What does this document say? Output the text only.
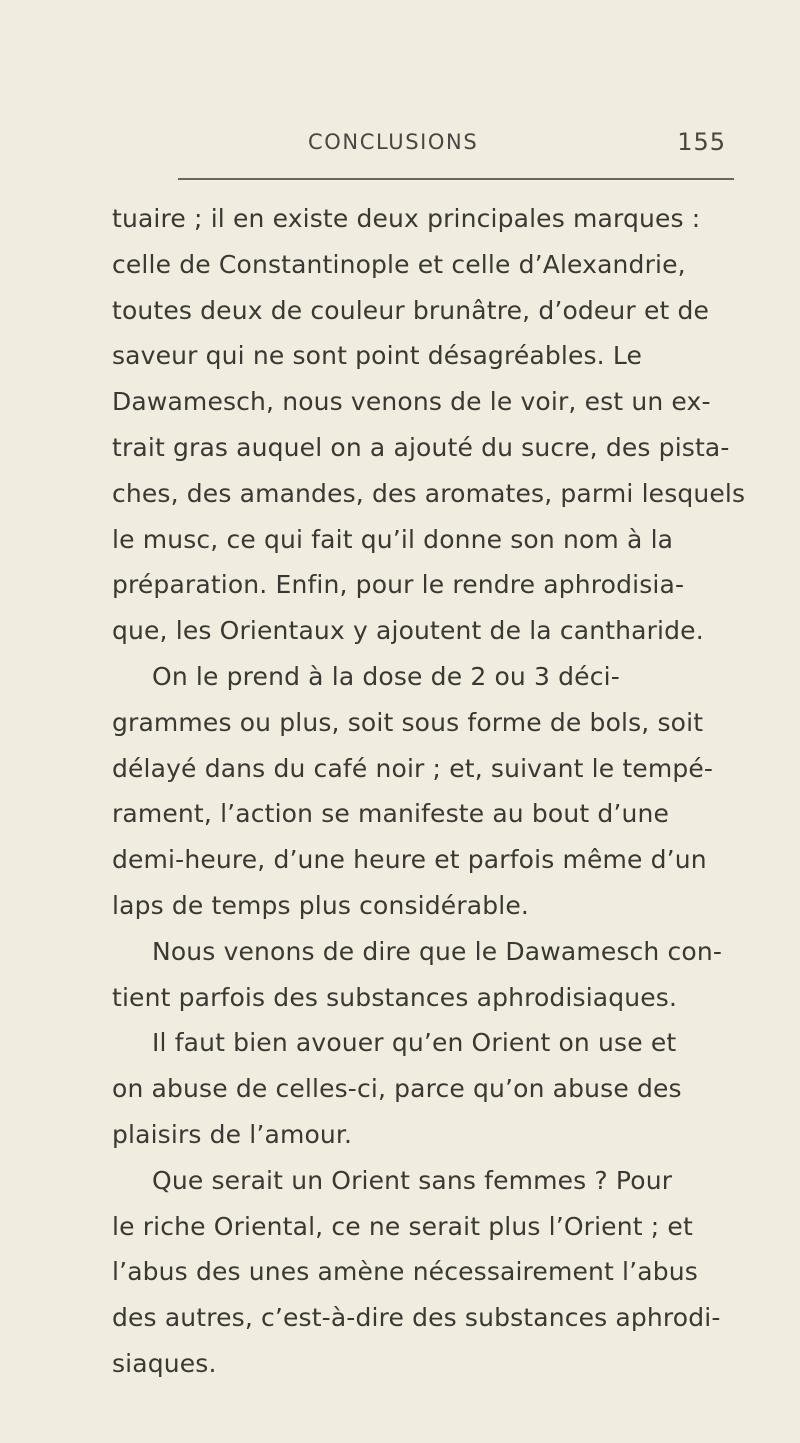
CONCLUSIONS	155
tuaire ; il en existe deux principales marques :
celle de Constantinople et celle d’Alexandrie,
toutes deux de couleur brunâtre, d’odeur et de
saveur qui ne sont point désagréables. Le
Dawamesch, nous venons de le voir, est un ex-
trait gras auquel on a ajouté du sucre, des pista-
ches, des amandes, des aromates, parmi lesquels
le musc, ce qui fait qu’il donne son nom à la
préparation. Enfin, pour le rendre aphrodisia-
que, les Orientaux y ajoutent de la cantharide.
On le prend à la dose de 2 ou 3 déci-
grammes ou plus, soit sous forme de bols, soit
délayé dans du café noir ; et, suivant le tempé-
rament, l’action se manifeste au bout d’une
demi-heure, d’une heure et parfois même d’un
laps de temps plus considérable.
Nous venons de dire que le Dawamesch con-
tient parfois des substances aphrodisiaques.
Il faut bien avouer qu’en Orient on use et
on abuse de celles-ci, parce qu’on abuse des
plaisirs de l’amour.
Que serait un Orient sans femmes ? Pour
le riche Oriental, ce ne serait plus l’Orient ; et
l’abus des unes amène nécessairement l’abus
des autres, c’est-à-dire des substances aphrodi-
siaques.
